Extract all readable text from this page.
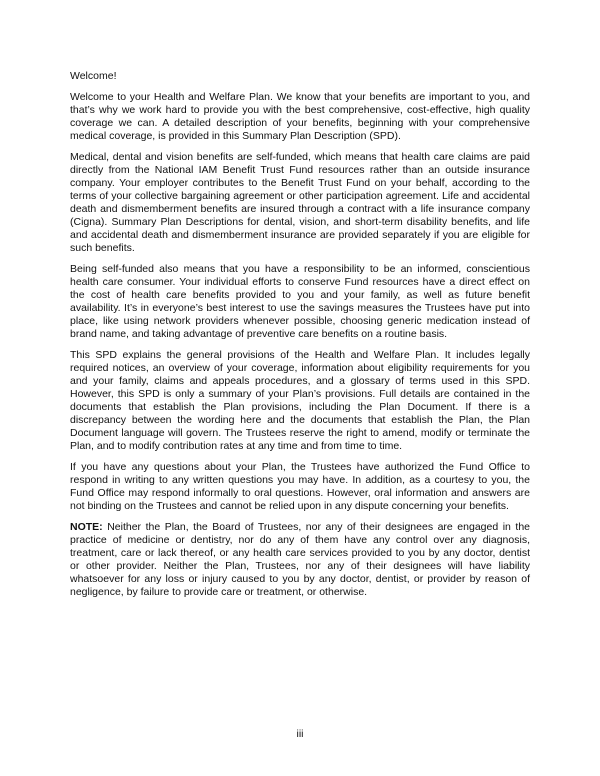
Welcome!

Welcome to your Health and Welfare Plan. We know that your benefits are important to you, and that’s why we work hard to provide you with the best comprehensive, cost-effective, high quality coverage we can. A detailed description of your benefits, beginning with your comprehensive medical coverage, is provided in this Summary Plan Description (SPD).

Medical, dental and vision benefits are self-funded, which means that health care claims are paid directly from the National IAM Benefit Trust Fund resources rather than an outside insurance company. Your employer contributes to the Benefit Trust Fund on your behalf, according to the terms of your collective bargaining agreement or other participation agreement. Life and accidental death and dismemberment benefits are insured through a contract with a life insurance company (Cigna). Summary Plan Descriptions for dental, vision, and short-term disability benefits, and life and accidental death and dismemberment insurance are provided separately if you are eligible for such benefits.

Being self-funded also means that you have a responsibility to be an informed, conscientious health care consumer. Your individual efforts to conserve Fund resources have a direct effect on the cost of health care benefits provided to you and your family, as well as future benefit availability. It’s in everyone’s best interest to use the savings measures the Trustees have put into place, like using network providers whenever possible, choosing generic medication instead of brand name, and taking advantage of preventive care benefits on a routine basis.

This SPD explains the general provisions of the Health and Welfare Plan. It includes legally required notices, an overview of your coverage, information about eligibility requirements for you and your family, claims and appeals procedures, and a glossary of terms used in this SPD. However, this SPD is only a summary of your Plan’s provisions. Full details are contained in the documents that establish the Plan provisions, including the Plan Document. If there is a discrepancy between the wording here and the documents that establish the Plan, the Plan Document language will govern. The Trustees reserve the right to amend, modify or terminate the Plan, and to modify contribution rates at any time and from time to time.

If you have any questions about your Plan, the Trustees have authorized the Fund Office to respond in writing to any written questions you may have. In addition, as a courtesy to you, the Fund Office may respond informally to oral questions. However, oral information and answers are not binding on the Trustees and cannot be relied upon in any dispute concerning your benefits.

NOTE: Neither the Plan, the Board of Trustees, nor any of their designees are engaged in the practice of medicine or dentistry, nor do any of them have any control over any diagnosis, treatment, care or lack thereof, or any health care services provided to you by any doctor, dentist or other provider. Neither the Plan, Trustees, nor any of their designees will have liability whatsoever for any loss or injury caused to you by any doctor, dentist, or provider by reason of negligence, by failure to provide care or treatment, or otherwise.

iii
